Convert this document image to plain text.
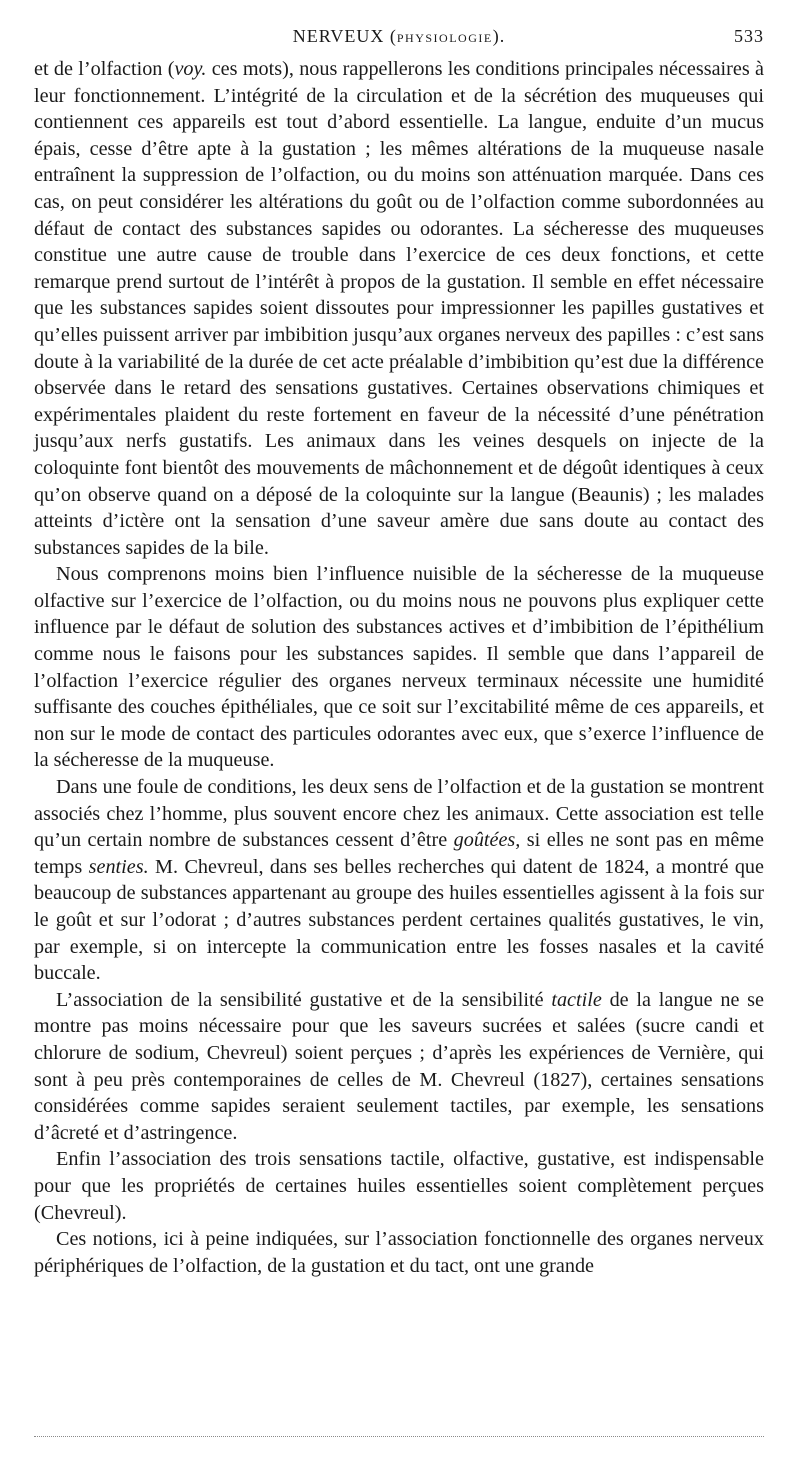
NERVEUX (PHYSIOLOGIE).	533

et de l’olfaction (voy. ces mots), nous rappellerons les conditions principales nécessaires à leur fonctionnement. L’intégrité de la circulation et de la sécrétion des muqueuses qui contiennent ces appareils est tout d’abord essentielle. La langue, enduite d’un mucus épais, cesse d’être apte à la gustation ; les mêmes altérations de la muqueuse nasale entraînent la suppression de l’olfaction, ou du moins son atténuation marquée. Dans ces cas, on peut considérer les altérations du goût ou de l’olfaction comme subordonnées au défaut de contact des substances sapides ou odorantes. La sécheresse des muqueuses constitue une autre cause de trouble dans l’exercice de ces deux fonctions, et cette remarque prend surtout de l’intérêt à propos de la gustation. Il semble en effet nécessaire que les substances sapides soient dissoutes pour impressionner les papilles gustatives et qu’elles puissent arriver par imbibition jusqu’aux organes nerveux des papilles : c’est sans doute à la variabilité de la durée de cet acte préalable d’imbibition qu’est due la différence observée dans le retard des sensations gustatives. Certaines observations chimiques et expérimentales plaident du reste fortement en faveur de la nécessité d’une pénétration jusqu’aux nerfs gustatifs. Les animaux dans les veines desquels on injecte de la coloquinte font bientôt des mouvements de mâchonnement et de dégoût identiques à ceux qu’on observe quand on a déposé de la coloquinte sur la langue (Beaunis) ; les malades atteints d’ictère ont la sensation d’une saveur amère due sans doute au contact des substances sapides de la bile.

Nous comprenons moins bien l’influence nuisible de la sécheresse de la muqueuse olfactive sur l’exercice de l’olfaction, ou du moins nous ne pouvons plus expliquer cette influence par le défaut de solution des substances actives et d’imbibition de l’épithélium comme nous le faisons pour les substances sapides. Il semble que dans l’appareil de l’olfaction l’exercice régulier des organes nerveux terminaux nécessite une humidité suffisante des couches épithéliales, que ce soit sur l’excitabilité même de ces appareils, et non sur le mode de contact des particules odorantes avec eux, que s’exerce l’influence de la sécheresse de la muqueuse.

Dans une foule de conditions, les deux sens de l’olfaction et de la gustation se montrent associés chez l’homme, plus souvent encore chez les animaux. Cette association est telle qu’un certain nombre de substances cessent d’être goûtées, si elles ne sont pas en même temps senties. M. Chevreul, dans ses belles recherches qui datent de 1824, a montré que beaucoup de substances appartenant au groupe des huiles essentielles agissent à la fois sur le goût et sur l’odorat ; d’autres substances perdent certaines qualités gustatives, le vin, par exemple, si on intercepte la communication entre les fosses nasales et la cavité buccale.

L’association de la sensibilité gustative et de la sensibilité tactile de la langue ne se montre pas moins nécessaire pour que les saveurs sucrées et salées (sucre candi et chlorure de sodium, Chevreul) soient perçues ; d’après les expériences de Vernière, qui sont à peu près contemporaines de celles de M. Chevreul (1827), certaines sensations considérées comme sapides seraient seulement tactiles, par exemple, les sensations d’âcreté et d’astringence.

Enfin l’association des trois sensations tactile, olfactive, gustative, est indispensable pour que les propriétés de certaines huiles essentielles soient complètement perçues (Chevreul).

Ces notions, ici à peine indiquées, sur l’association fonctionnelle des organes nerveux périphériques de l’olfaction, de la gustation et du tact, ont une grande
